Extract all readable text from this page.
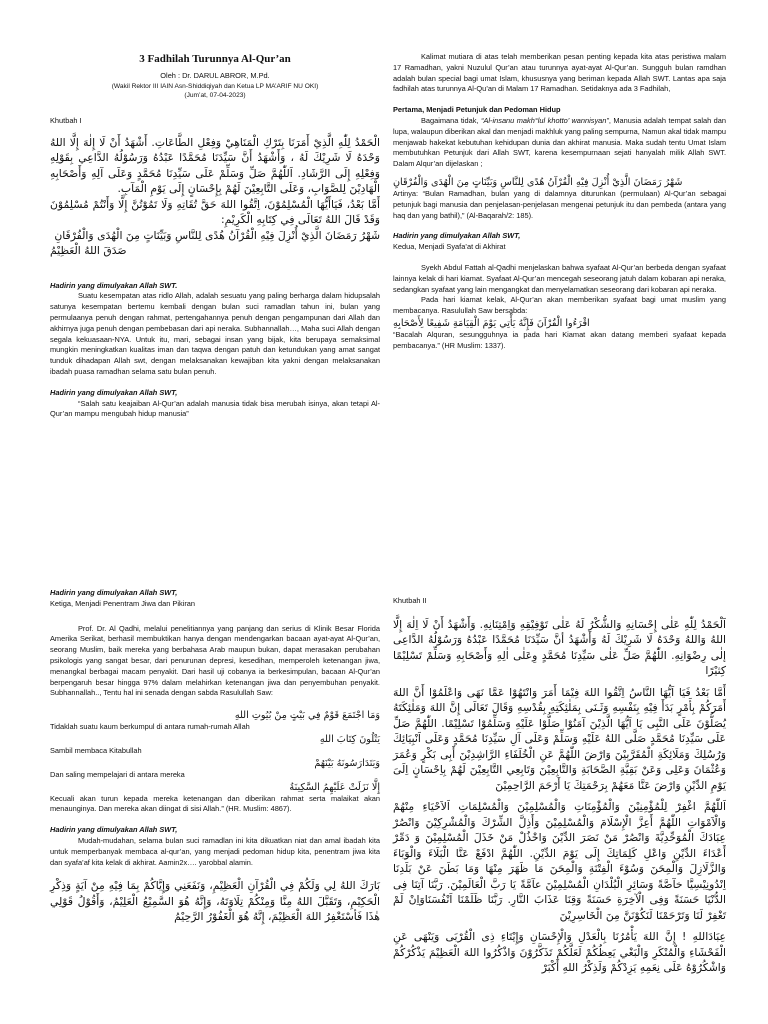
3 Fadhilah Turunnya Al-Qur’an

Oleh : Dr. DARUL ABROR, M.Pd.

(Wakil Rektor III IAIN Asn-Shiddiqiyah dan Ketua LP MA’ARIF NU OKI)

(Jum’at, 07-04-2023)

Khutbah I

الْحَمْدُ لِلّٰهِ الَّذِيْ أَمَرَنَا بِتَرْكِ الْمَنَاهِيْ وَفِعْلِ الطَّاعَاتِ. أَشْهَدُ أَنْ لَا إِلٰهَ إِلَّا اللهُ وَحْدَهُ لَا شَرِيْكَ لَهُ ، وَأَشْهَدُ أَنَّ سَيِّدَنَا مُحَمَّدًا عَبْدُهُ وَرَسُوْلُهُ الدَّاعِي بِقَوْلِهِ وَفِعْلِهِ إِلَى الرَّشَادِ. اَللّٰهُمَّ صَلِّ وَسَلِّمْ عَلَى سَيِّدِنَا مُحَمَّدٍ وَعَلَى آلِهِ وَأَصْحَابِهِ الْهَادِيْنَ لِلصَّوَابِ، وَعَلَى التَّابِعِيْنَ لَهُمْ بِإِحْسَانٍ إِلَى يَوْمِ الْمَآبِ.

أَمَّا بَعْدُ، فَيَاأَيُّهَا الْمُسْلِمُوْنَ، اِتَّقُوا اللهَ حَقَّ تُقَاتِهِ وَلَا تَمُوْتُنَّ إِلَّا وَأَنْتُمْ مُسْلِمُوْنَ وَقَدْ قَالَ اللهُ تَعَالَى فِي كِتَابِهِ الْكَرِيْمِ:

شَهْرُ رَمَضَانَ الَّذِيْ أُنْزِلَ فِيْهِ الْقُرْآنُ هُدًى لِلنَّاسِ وَبَيِّنَاتٍ مِنَ الْهُدَى وَالْفُرْقَانِ

صَدَقَ اللهُ الْعَظِيْمُ

Hadirin yang dimulyakan Allah SWT.

Suatu kesempatan atas ridlo Allah, adalah sesuatu yang paling berharga dalam hidupsalah satunya kesempatan bertemu kembali dengan bulan suci ramadlan tahun ini, bulan yang permulaanya penuh dengan rahmat, pertengahannya penuh dengan pengampunan dari Allah dan akhirnya juga penuh dengan pembebasan dari api neraka. Subhannallah…, Maha suci Allah dengan segala kekuasaan-NYA. Untuk itu, mari, sebagai insan yang bijak, kita berupaya semaksimal mungkin meningkatkan kualitas iman dan taqwa dengan patuh dan ketundukan yang amat sangat tunduk dihadapan Allah swt, dengan melaksanakan kewajiban kita yakni dengan melaksanakan ibadah puasa ramadhan selama satu bulan penuh.

Hadirin yang dimulyakan Allah SWT,

“Salah satu keajaiban Al-Qur’an adalah manusia tidak bisa merubah isinya, akan tetapi Al-Qur’an mampu mengubah hidup manusia”

Kalimat mutiara di atas telah memberikan pesan penting kepada kita atas peristiwa malam 17 Ramadhan, yakni Nuzulul Qur’an atau turunnya ayat-ayat Al-Qur’an. Sungguh bulan ramdhan adalah bulan special bagi umat Islam, khususnya yang beriman kepada Allah SWT. Lantas apa saja fadhilah atas turunnya Al-Qu’an di Malam 17 Ramadhan. Setidaknya ada 3 Fadhilah,

Pertama, Menjadi Petunjuk dan Pedoman Hidup

Bagaimana tidak, “Al-insanu makh°lul khotto’ wannisyan”, Manusia adalah tempat salah dan lupa, walaupun diberikan akal dan menjadi makhluk yang paling sempurna, Namun akal tidak mampu menjawab hakekat kebutuhan kehidupan dunia dan akhirat manusia. Maka sudah tentu Umat Islam membutuhkan Petunjuk dari Allah SWT, karena kesempurnaan sejati hanyalah milik Allah SWT. Dalam Alqur’an dijelaskan ;

شَهْرُ رَمَضَانَ الَّذِيْ أُنْزِلَ فِيْهِ الْقُرْآنُ هُدًى لِلنَّاسِ وَبَيِّنَاتٍ مِنَ الْهُدَى وَالْفُرْقَانِ

Artinya: “Bulan Ramadhan, bulan yang di dalamnya diturunkan (permulaan) Al-Qur’an sebagai petunjuk bagi manusia dan penjelasan-penjelasan mengenai petunjuk itu dan pembeda (antara yang haq dan yang bathil),” (Al-Baqarah/2: 185).

Hadirin yang dimulyakan Allah SWT,

Kedua, Menjadi Syafa’at di Akhirat

Syekh Abdul Fattah al-Qadhi menjelaskan bahwa syafaat Al-Qur’an berbeda dengan syafaat lainnya kelak di hari kiamat. Syafaat Al-Qur’an mencegah seseorang jatuh dalam kobaran api neraka, sedangkan syafaat yang lain mengangkat dan menyelamatkan seseorang dari kobaran api neraka.

Pada hari kiamat kelak, Al-Qur’an akan memberikan syafaat bagi umat muslim yang membacanya. Rasulullah Saw bersabda:

اقْرَءُوا الْقُرْآنَ فَإِنَّهُ يَأْتِي يَوْمَ الْقِيَامَةِ شَفِيعًا لِأَصْحَابِهِ

“Bacalah Alquran, sesungguhnya ia pada hari Kiamat akan datang memberi syafaat kepada pembacanya.” (HR Muslim: 1337).

Hadirin yang dimulyakan Allah SWT,

Ketiga, Menjadi Penentram Jiwa dan Pikiran

Prof. Dr. Al Qadhi, melalui penelitiannya yang panjang dan serius di Klinik Besar Florida Amerika Serikat, berhasil membuktikan hanya dengan mendengarkan bacaan ayat-ayat Al-Qur’an, seorang Muslim, baik mereka yang berbahasa Arab maupun bukan, dapat merasakan perubahan psikologis yang sangat besar, dari penurunan depresi, kesedihan, memperoleh ketenangan jiwa, menangkal berbagai macam penyakit. Dari hasil uji cobanya ia berkesimpulan, bacaan Al-Qur’an berpengaruh besar hingga 97% dalam melahirkan ketenangan jiwa dan penyembuhan penyakit. Subhannallah.., Tentu hal ini senada dengan sabda Rasulullah Saw:

وَمَا اجْتَمَعَ قَوْمٌ فِي بَيْتٍ مِنْ بُيُوتِ اللهِ

Tidaklah suatu kaum berkumpul di antara rumah-rumah Allah

يَتْلُونَ كِتَابَ اللهِ

Sambil membaca Kitabullah

وَيَتَدَارَسُونَهُ بَيْنَهُمْ

Dan saling mempelajari di antara mereka

إِلَّا نَزَلَتْ عَلَيْهِمُ السَّكِينَةُ

Kecuali akan turun kepada mereka ketenangan dan diberikan rahmat serta malaikat akan menaunginya. Dan mereka akan diingat di sisi Allah.” (HR. Muslim: 4867).

Hadirin yang dimulyakan Allah SWT,

Mudah-mudahan, selama bulan suci ramadlan ini kita dikuatkan niat dan amal ibadah kita untuk memperbanyak membaca al-qur’an, yang menjadi pedoman hidup kita, penentram jiwa kita dan syafa’af kita kelak di akhirat. Aamin2x…. yarobbal alamin.

بَارَكَ اللهُ لِي وَلَكُمْ فِي الْقُرْآنِ الْعَظِيْمِ، وَنَفَعَنِي وَإِيَّاكُمْ بِمَا فِيْهِ مِنْ آيَةٍ وَذِكْرِ الْحَكِيْمِ، وَتَقَبَّلَ اللهُ مِنَّا وَمِنْكُمْ تِلَاوَتَهُ، وَإِنَّهُ هُوَ السَّمِيْعُ الْعَلِيْمُ، وَأَقُوْلُ قَوْلِي هٰذَا فَأسْتَغْفِرُ اللهَ الْعَظِيْمَ، إِنَّهُ هُوَ الْغَفُوْرُ الرَّحِيْمُ

Khutbah II

اَلْحَمْدُ لِلّٰهِ عَلٰى إِحْسَانِهِ وَالشُّكْرُ لَهُ عَلٰى تَوْفِيْقِهِ وَاِمْتِنَانِهِ. وَأَشْهَدُ أَنْ لَا اِلٰهَ إِلَّا اللهُ وَاللهُ وَحْدَهُ لَا شَرِيْكَ لَهُ وَأَشْهَدُ أنَّ سَيِّدَنَا مُحَمَّدًا عَبْدُهُ وَرَسُوْلُهُ الدَّاعِى إلٰى رِضْوَانِهِ. اللّٰهُمَّ صَلِّ عَلٰى سَيِّدِنَا مُحَمَّدٍ وِعَلٰى اٰلِهِ وَأَصْحَابِهِ وَسَلِّمْ تَسْلِيْمًا كِثيْرًا

أَمَّا بَعْدُ فَيَا اَيُّهَا النَّاسُ اِتَّقُوا اللهَ فِيْمَا أَمَرَ وَانْتَهُوْا عَمَّا نَهَى وَاعْلَمُوْا أَنَّ اللهَ أَمَرَكُمْ بِأَمْرٍ بَدَأَ فِيْهِ بِنَفْسِهِ وَثَـنَى بِمَلٰئِكَتِهِ بِقُدْسِهِ وَقَالَ تَعَالَى إِنَّ اللهَ وَمَلٰئِكَتَهُ يُصَلُّوْنَ عَلَى النَّبِى يَا اَيُّهَا الَّذِيْنَ آمَنُوْا صَلُّوْا عَلَيْهِ وَسَلِّمُوْا تَسْلِيْمًا. اللّٰهُمَّ صَلِّ عَلَى سَيِّدِنَا مُحَمَّدٍ صَلَّى اللهُ عَلَيْهِ وَسَلِّمْ وَعَلَى آلِ سَيِّدِنَا مُحَمَّدٍ وَعَلَى اَنْبِيَائِكَ وَرُسُلِكَ وَمَلَائِكَةِ الْمُقَرَّبِيْنَ وَارْضَ اللّٰهُمَّ عَنِ الْخُلَفَاءِ الرَّاشِدِيْنَ أَبِى بَكْرٍ وَعُمَرَ وَعُثْمَانَ وَعَلِى وَعَنْ بَقِيَّةِ الصَّحَابَةِ وَالتَّابِعِيْنَ وَتَابِعِي التَّابِعِيْنَ لَهُمْ بِاِحْسَانٍ اِلَىَ يَوْمِ الدِّيْنِ وَارْضَ عَنَّا مَعَهُمْ بِرَحْمَتِكَ يَا أَرْحَمَ الرَّاحِمِيْنَ

اَللّٰهُمَّ اغْفِرْ لِلْمُؤْمِنِيْنَ وَالْمُؤْمِنَاتِ وَالْمُسْلِمِيْنَ وَالْمُسْلِمَاتِ اَلاَحْيَاءِ مِنْهُمْ وَالْاَمْوَاتِ اللّٰهُمَّ أَعِزَّ الْإِسْلَامَ وَالْمُسْلِمِيْنَ وَأَذِلَّ الشِّرْكَ وَالْمُشْرِكِيْنَ وَانْصُرْ عِبَادَكَ الْمُوَحِّدِيَّةَ وَانْصُرْ مَنْ نَصَرَ الدِّيْنَ وَاخْذُلْ مَنْ خَذَلَ الْمُسْلِمِيْنَ وَ دَمِّرْ أَعْدَاءَ الدِّيْنِ وَاعْلِ كَلِمَاتِكَ إِلَى يَوْمَ الدِّيْنِ. اللّٰهُمَّ ادْفَعْ عَنَّا الْبَلَاءَ وَالْوَبَاءَ وَالزَّلَازِلَ وَالْمِحَنَ وَسُوْءَ الْفِتْنَةِ وَالْمِحَنَ مَا ظَهَرَ مِنْهَا وَمَا بَطَنَ عَنْ بَلَدِنَا اِنْدُونِيْسِيَّا خآصَّةً وَسَائِرِ الْبُلْدَانِ الْمُسْلِمِيْنَ عآمَّةً يَا رَبَّ الْعَالَمِيْنَ. رَبَّنَا آتِنَا فِى الدُّنْيَا حَسَنَةً وَفِى الْآخِرَةِ حَسَنَةً وَقِنَا عَذَابَ النَّارِ. رَبَّنَا ظَلَمْنَا اَنْفُسَنَاوَاِنْ لَمْ تَغْفِرْ لَنَا وَتَرْحَمْنَا لَنَكُوْنَنَّ مِنَ الْخَاسِرِيْنَ

عِبَادَاللهِ ! إِنَّ اللهَ يَأْمُرُنَا بِالْعَدْلِ وَالْإِحْسَانِ وَإِيْتَاءِ ذِى الْقُرْبَى وَيَنْهَى عَنِ الْفَحْشَاءِ وَالْمُنْكَرِ وَالْبَغْي يَعِظُكُمْ لَعَلَّكُمْ تَذَكَّرُوْنَ وَاذْكُرُوا اللهَ الْعَظِيْمَ يَذْكُرْكُمْ وَاشْكُرُوْهُ عَلَى نِعَمِهِ يَزِدْكُمْ وَلَذِكْرُ اللهِ أَكْبَرْ
